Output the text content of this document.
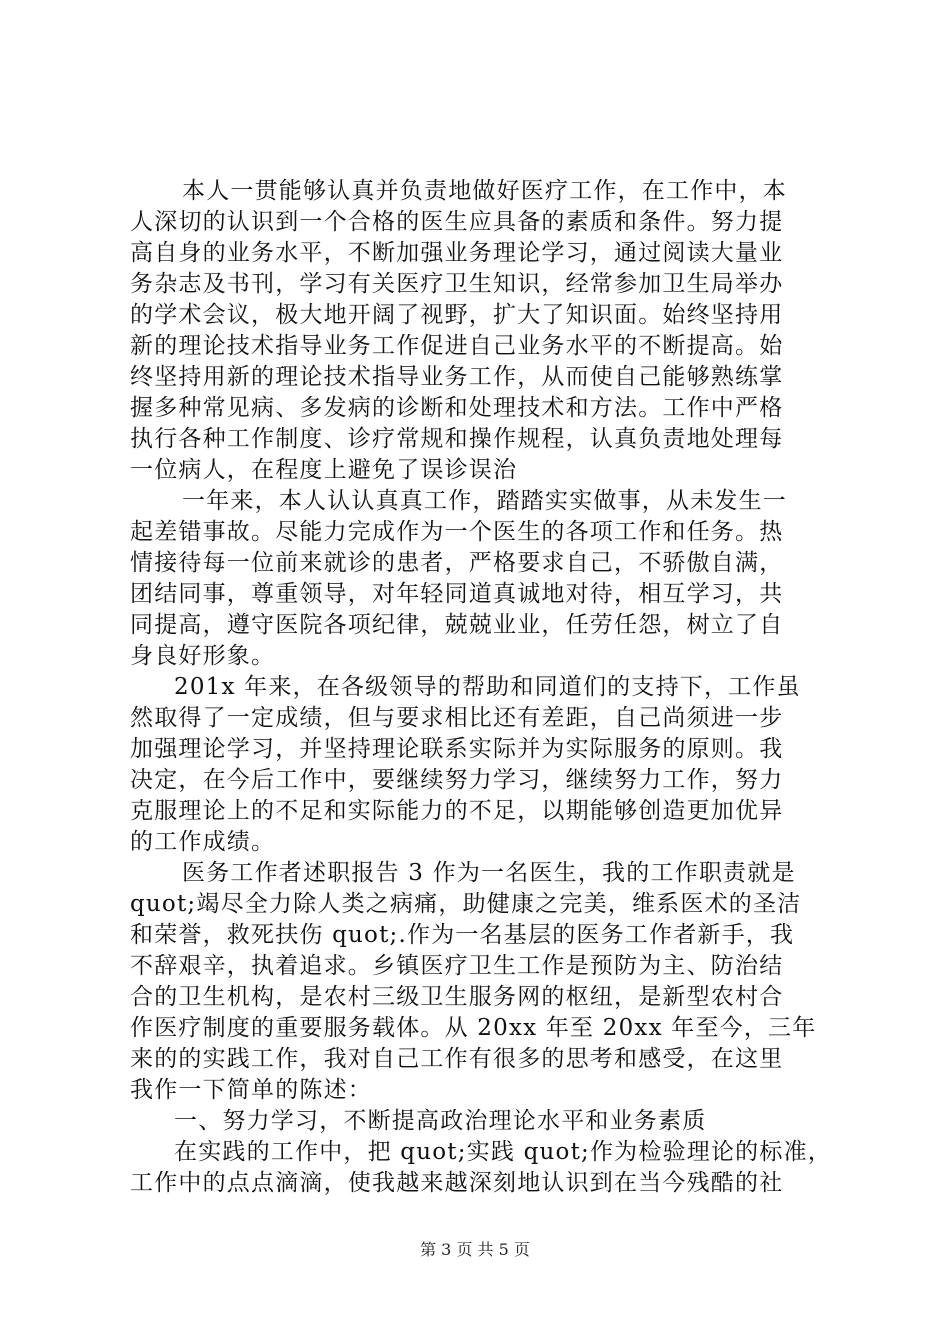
本人一贯能够认真并负责地做好医疗工作，在工作中，本
人深切的认识到一个合格的医生应具备的素质和条件。努力提
高自身的业务水平，不断加强业务理论学习，通过阅读大量业
务杂志及书刊，学习有关医疗卫生知识，经常参加卫生局举办
的学术会议，极大地开阔了视野，扩大了知识面。始终坚持用
新的理论技术指导业务工作促进自己业务水平的不断提高。始
终坚持用新的理论技术指导业务工作，从而使自己能够熟练掌
握多种常见病、多发病的诊断和处理技术和方法。工作中严格
执行各种工作制度、诊疗常规和操作规程，认真负责地处理每
一位病人，在程度上避免了误诊误治
一年来，本人认认真真工作，踏踏实实做事，从未发生一
起差错事故。尽能力完成作为一个医生的各项工作和任务。热
情接待每一位前来就诊的患者，严格要求自己，不骄傲自满，
团结同事，尊重领导，对年轻同道真诚地对待，相互学习，共
同提高，遵守医院各项纪律，兢兢业业，任劳任怨，树立了自
身良好形象。
201x 年来，在各级领导的帮助和同道们的支持下，工作虽
然取得了一定成绩，但与要求相比还有差距，自己尚须进一步
加强理论学习，并坚持理论联系实际并为实际服务的原则。我
决定，在今后工作中，要继续努力学习，继续努力工作，努力
克服理论上的不足和实际能力的不足，以期能够创造更加优异
的工作成绩。
医务工作者述职报告 3 作为一名医生，我的工作职责就是
quot;竭尽全力除人类之病痛，助健康之完美，维系医术的圣洁
和荣誉，救死扶伤 quot;.作为一名基层的医务工作者新手，我
不辞艰辛，执着追求。乡镇医疗卫生工作是预防为主、防治结
合的卫生机构，是农村三级卫生服务网的枢纽，是新型农村合
作医疗制度的重要服务载体。从 20xx 年至 20xx 年至今，三年
来的的实践工作，我对自己工作有很多的思考和感受，在这里
我作一下简单的陈述：
一、努力学习，不断提高政治理论水平和业务素质
在实践的工作中，把 quot;实践 quot;作为检验理论的标准，
工作中的点点滴滴，使我越来越深刻地认识到在当今残酷的社
第 3 页 共 5 页
